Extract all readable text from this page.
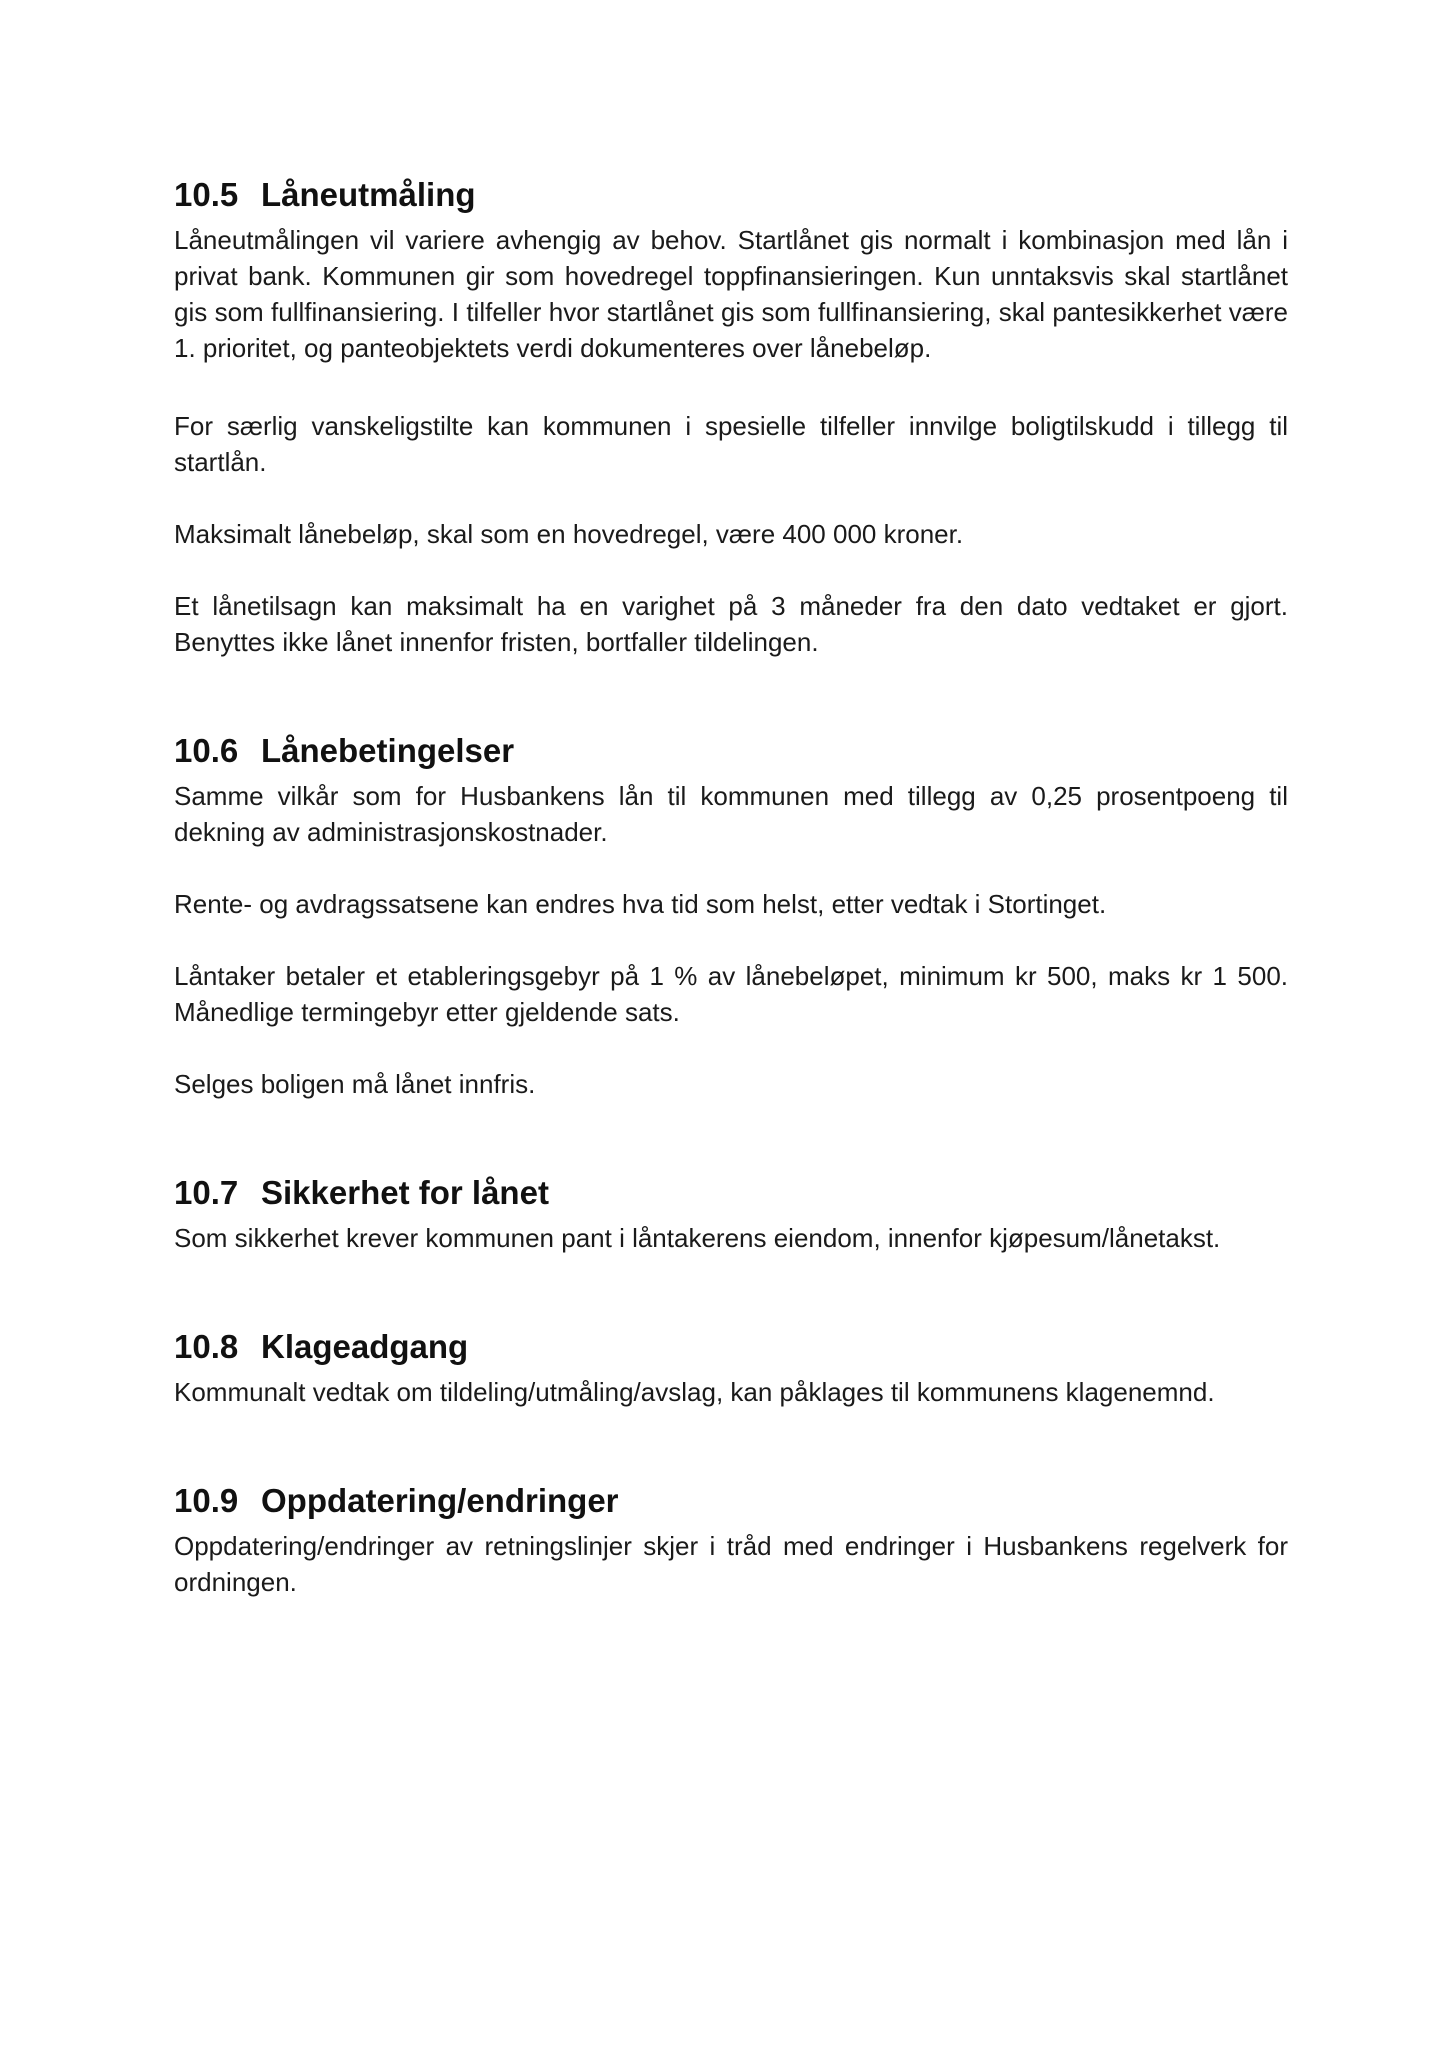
10.5 Låneutmåling

Låneutmålingen vil variere avhengig av behov. Startlånet gis normalt i kombinasjon med lån i privat bank. Kommunen gir som hovedregel toppfinansieringen. Kun unntaksvis skal startlånet gis som fullfinansiering. I tilfeller hvor startlånet gis som fullfinansiering, skal pantesikkerhet være 1. prioritet, og panteobjektets verdi dokumenteres over lånebeløp.

For særlig vanskeligstilte kan kommunen i spesielle tilfeller innvilge boligtilskudd i tillegg til startlån.

Maksimalt lånebeløp, skal som en hovedregel, være 400 000 kroner.

Et lånetilsagn kan maksimalt ha en varighet på 3 måneder fra den dato vedtaket er gjort. Benyttes ikke lånet innenfor fristen, bortfaller tildelingen.

10.6 Lånebetingelser

Samme vilkår som for Husbankens lån til kommunen med tillegg av 0,25 prosentpoeng til dekning av administrasjonskostnader.

Rente- og avdragssatsene kan endres hva tid som helst, etter vedtak i Stortinget.

Låntaker betaler et etableringsgebyr på 1 % av lånebeløpet, minimum kr 500, maks kr 1 500. Månedlige termingebyr etter gjeldende sats.

Selges boligen må lånet innfris.

10.7 Sikkerhet for lånet

Som sikkerhet krever kommunen pant i låntakerens eiendom, innenfor kjøpesum/lånetakst.

10.8 Klageadgang

Kommunalt vedtak om tildeling/utmåling/avslag, kan påklages til kommunens klagenemnd.

10.9 Oppdatering/endringer

Oppdatering/endringer av retningslinjer skjer i tråd med endringer i Husbankens regelverk for ordningen.
